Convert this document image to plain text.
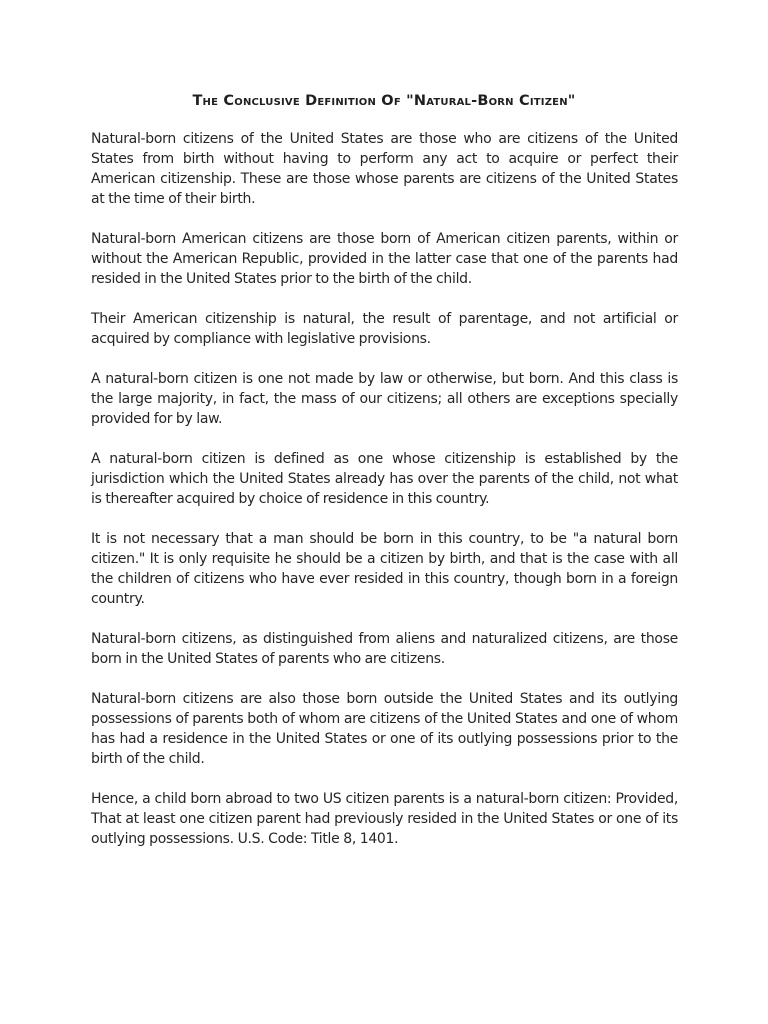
The Conclusive Definition Of "Natural-Born Citizen"

Natural-born citizens of the United States are those who are citizens of the United States from birth without having to perform any act to acquire or perfect their American citizenship. These are those whose parents are citizens of the United States at the time of their birth.

Natural-born American citizens are those born of American citizen parents, within or without the American Republic, provided in the latter case that one of the parents had resided in the United States prior to the birth of the child.

Their American citizenship is natural, the result of parentage, and not artificial or acquired by compliance with legislative provisions.

A natural-born citizen is one not made by law or otherwise, but born. And this class is the large majority, in fact, the mass of our citizens; all others are exceptions specially provided for by law.

A natural-born citizen is defined as one whose citizenship is established by the jurisdiction which the United States already has over the parents of the child, not what is thereafter acquired by choice of residence in this country.

It is not necessary that a man should be born in this country, to be "a natural born citizen." It is only requisite he should be a citizen by birth, and that is the case with all the children of citizens who have ever resided in this country, though born in a foreign country.

Natural-born citizens, as distinguished from aliens and naturalized citizens, are those born in the United States of parents who are citizens.

Natural-born citizens are also those born outside the United States and its outlying possessions of parents both of whom are citizens of the United States and one of whom has had a residence in the United States or one of its outlying possessions prior to the birth of the child.

Hence, a child born abroad to two US citizen parents is a natural-born citizen: Provided, That at least one citizen parent had previously resided in the United States or one of its outlying possessions. U.S. Code: Title 8, 1401.
